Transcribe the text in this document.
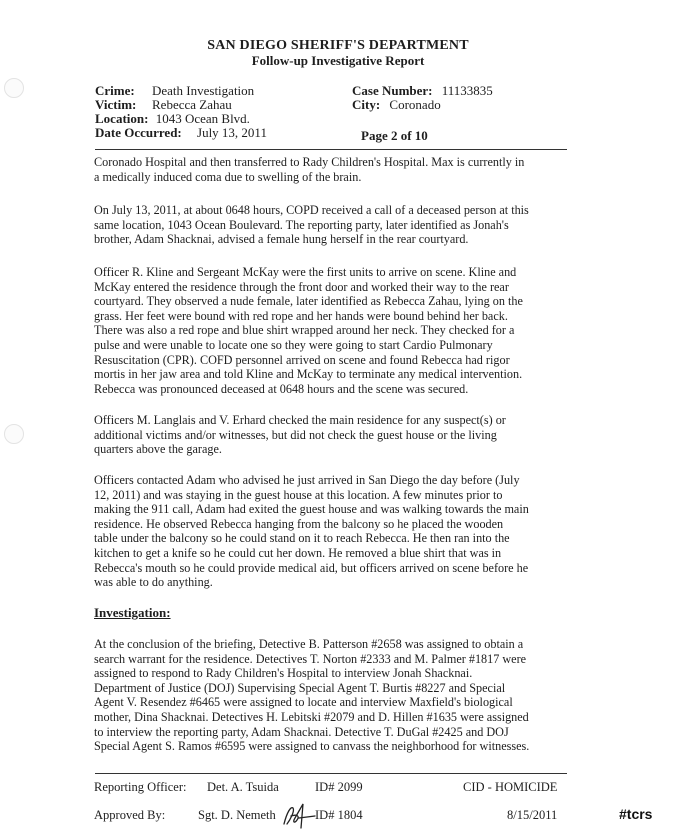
SAN DIEGO SHERIFF'S DEPARTMENT
Follow-up Investigative Report
Crime: Death Investigation
Victim: Rebecca Zahau
Location: 1043 Ocean Blvd.
Date Occurred: July 13, 2011
Case Number: 11133835
City: Coronado
Page 2 of 10
Coronado Hospital and then transferred to Rady Children's Hospital. Max is currently in
a medically induced coma due to swelling of the brain.
On July 13, 2011, at about 0648 hours, COPD received a call of a deceased person at this
same location, 1043 Ocean Boulevard. The reporting party, later identified as Jonah's
brother, Adam Shacknai, advised a female hung herself in the rear courtyard.
Officer R. Kline and Sergeant McKay were the first units to arrive on scene. Kline and
McKay entered the residence through the front door and worked their way to the rear
courtyard. They observed a nude female, later identified as Rebecca Zahau, lying on the
grass. Her feet were bound with red rope and her hands were bound behind her back.
There was also a red rope and blue shirt wrapped around her neck. They checked for a
pulse and were unable to locate one so they were going to start Cardio Pulmonary
Resuscitation (CPR). COFD personnel arrived on scene and found Rebecca had rigor
mortis in her jaw area and told Kline and McKay to terminate any medical intervention.
Rebecca was pronounced deceased at 0648 hours and the scene was secured.
Officers M. Langlais and V. Erhard checked the main residence for any suspect(s) or
additional victims and/or witnesses, but did not check the guest house or the living
quarters above the garage.
Officers contacted Adam who advised he just arrived in San Diego the day before (July
12, 2011) and was staying in the guest house at this location. A few minutes prior to
making the 911 call, Adam had exited the guest house and was walking towards the main
residence. He observed Rebecca hanging from the balcony so he placed the wooden
table under the balcony so he could stand on it to reach Rebecca. He then ran into the
kitchen to get a knife so he could cut her down. He removed a blue shirt that was in
Rebecca's mouth so he could provide medical aid, but officers arrived on scene before he
was able to do anything.
Investigation:
At the conclusion of the briefing, Detective B. Patterson #2658 was assigned to obtain a
search warrant for the residence. Detectives T. Norton #2333 and M. Palmer #1817 were
assigned to respond to Rady Children's Hospital to interview Jonah Shacknai.
Department of Justice (DOJ) Supervising Special Agent T. Burtis #8227 and Special
Agent V. Resendez #6465 were assigned to locate and interview Maxfield's biological
mother, Dina Shacknai. Detectives H. Lebitski #2079 and D. Hillen #1635 were assigned
to interview the reporting party, Adam Shacknai. Detective T. DuGal #2425 and DOJ
Special Agent S. Ramos #6595 were assigned to canvass the neighborhood for witnesses.
Reporting Officer: Det. A. Tsuida	ID# 2099	CID - HOMICIDE
Approved By:	Sgt. D. Nemeth	ID# 1804	8/15/2011	#tcrs
